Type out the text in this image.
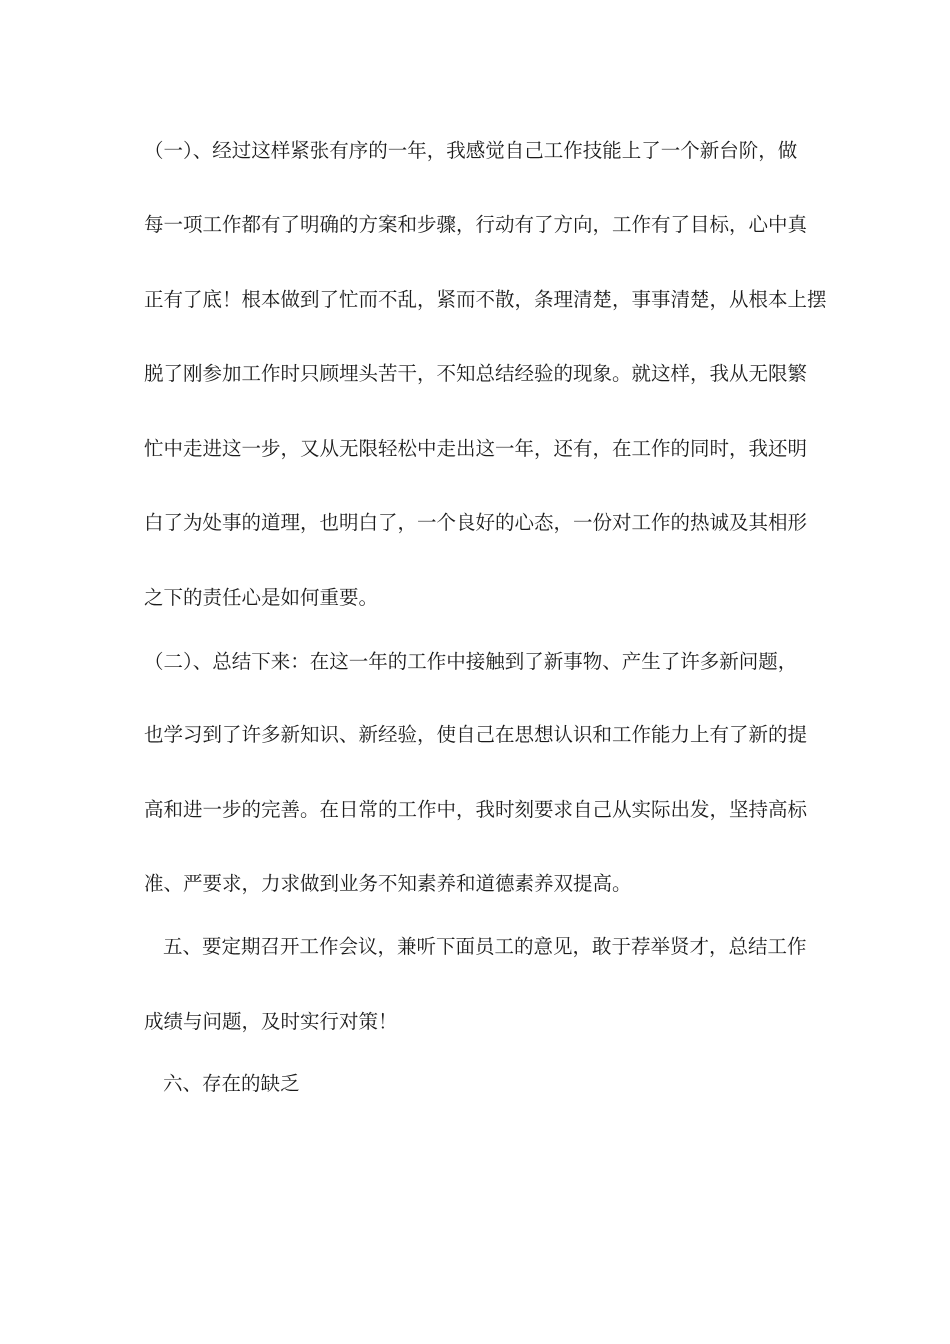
（一）、经过这样紧张有序的一年，我感觉自己工作技能上了一个新台阶，做
每一项工作都有了明确的方案和步骤，行动有了方向，工作有了目标，心中真
正有了底！根本做到了忙而不乱，紧而不散，条理清楚，事事清楚，从根本上摆
脱了刚参加工作时只顾埋头苦干，不知总结经验的现象。就这样，我从无限繁
忙中走进这一步，又从无限轻松中走出这一年，还有，在工作的同时，我还明
白了为处事的道理，也明白了，一个良好的心态，一份对工作的热诚及其相形
之下的责任心是如何重要。
（二）、总结下来：在这一年的工作中接触到了新事物、产生了许多新问题，
也学习到了许多新知识、新经验，使自己在思想认识和工作能力上有了新的提
高和进一步的完善。在日常的工作中，我时刻要求自己从实际出发，坚持高标
准、严要求，力求做到业务不知素养和道德素养双提高。
五、要定期召开工作会议，兼听下面员工的意见，敢于荐举贤才，总结工作
成绩与问题，及时实行对策！
六、存在的缺乏
